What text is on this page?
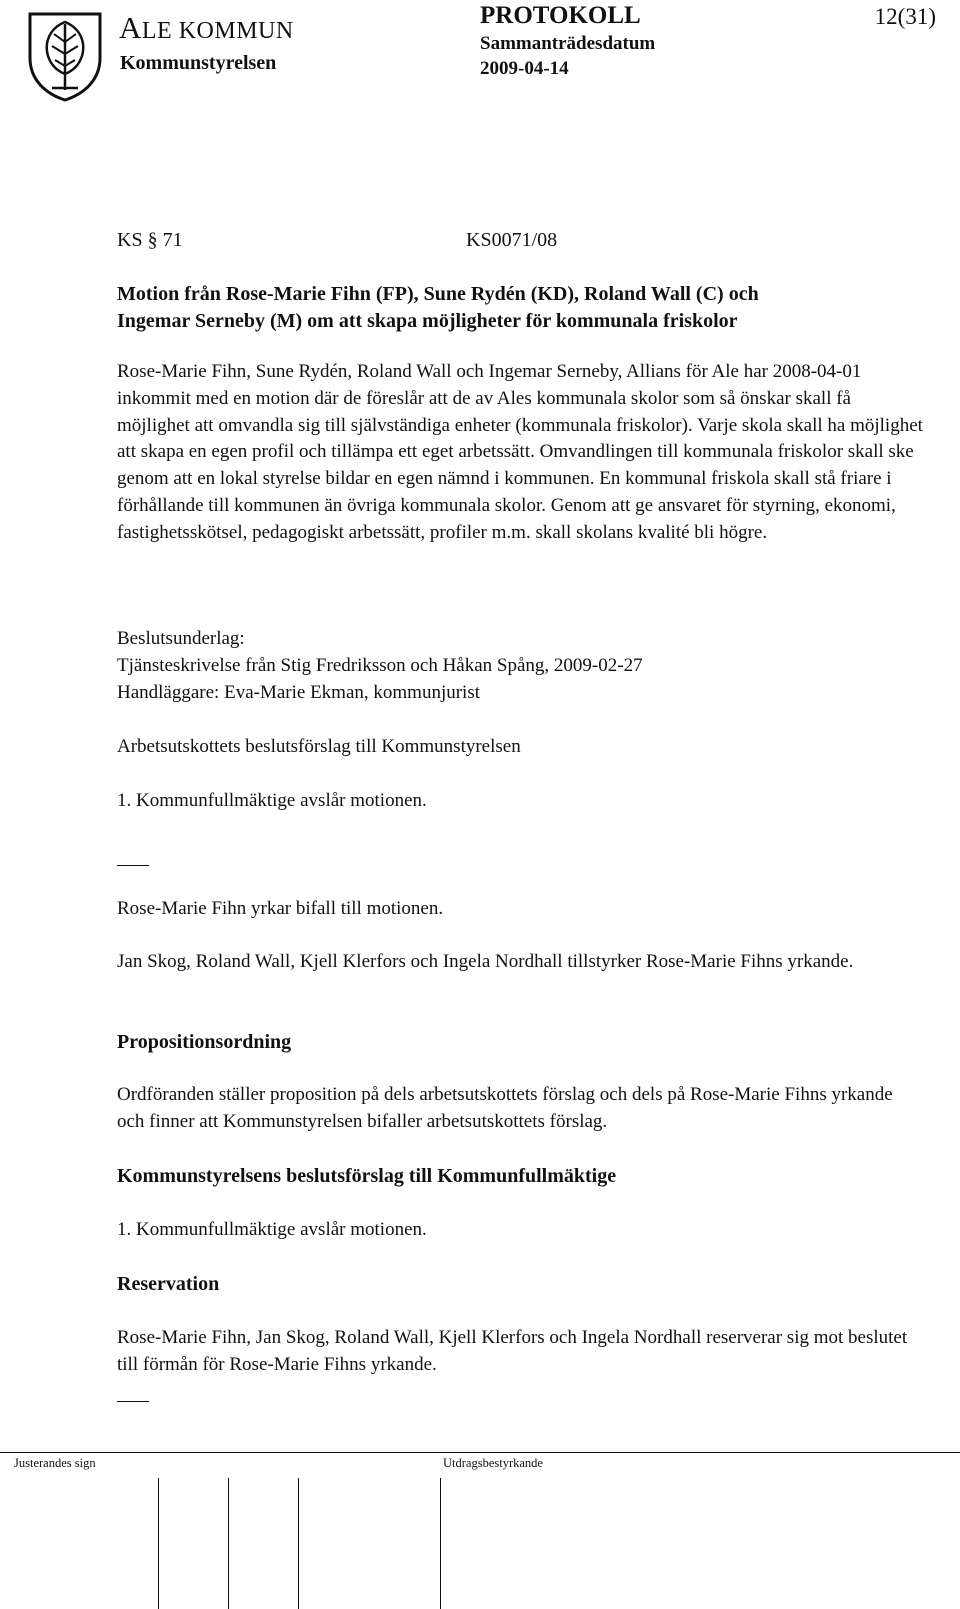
ALE KOMMUN
Kommunstyrelsen
PROTOKOLL
Sammanträdesdatum
2009-04-14
12(31)
KS § 71	KS0071/08
Motion från Rose-Marie Fihn (FP), Sune Rydén (KD), Roland Wall (C) och
Ingemar Serneby (M) om att skapa möjligheter för kommunala friskolor
Rose-Marie Fihn, Sune Rydén, Roland Wall och Ingemar Serneby, Allians för Ale har 2008-04-01 inkommit med en motion där de föreslår att de av Ales kommunala skolor som så önskar skall få möjlighet att omvandla sig till självständiga enheter (kommunala friskolor). Varje skola skall ha möjlighet att skapa en egen profil och tillämpa ett eget arbetssätt. Omvandlingen till kommunala friskolor skall ske genom att en lokal styrelse bildar en egen nämnd i kommunen. En kommunal friskola skall stå friare i förhållande till kommunen än övriga kommunala skolor. Genom att ge ansvaret för styrning, ekonomi, fastighetsskötsel, pedagogiskt arbetssätt, profiler m.m. skall skolans kvalité bli högre.
Beslutsunderlag:
Tjänsteskrivelse från Stig Fredriksson och Håkan Spång, 2009-02-27
Handläggare: Eva-Marie Ekman, kommunjurist
Arbetsutskottets beslutsförslag till Kommunstyrelsen
1. Kommunfullmäktige avslår motionen.
Rose-Marie Fihn yrkar bifall till motionen.
Jan Skog, Roland Wall, Kjell Klerfors och Ingela Nordhall tillstyrker Rose-Marie Fihns yrkande.
Propositionsordning
Ordföranden ställer proposition på dels arbetsutskottets förslag och dels på Rose-Marie Fihns yrkande och finner att Kommunstyrelsen bifaller arbetsutskottets förslag.
Kommunstyrelsens beslutsförslag till Kommunfullmäktige
1. Kommunfullmäktige avslår motionen.
Reservation
Rose-Marie Fihn, Jan Skog, Roland Wall, Kjell Klerfors och Ingela Nordhall reserverar sig mot beslutet till förmån för Rose-Marie Fihns yrkande.
Justerandes sign	Utdragsbestyrkande
